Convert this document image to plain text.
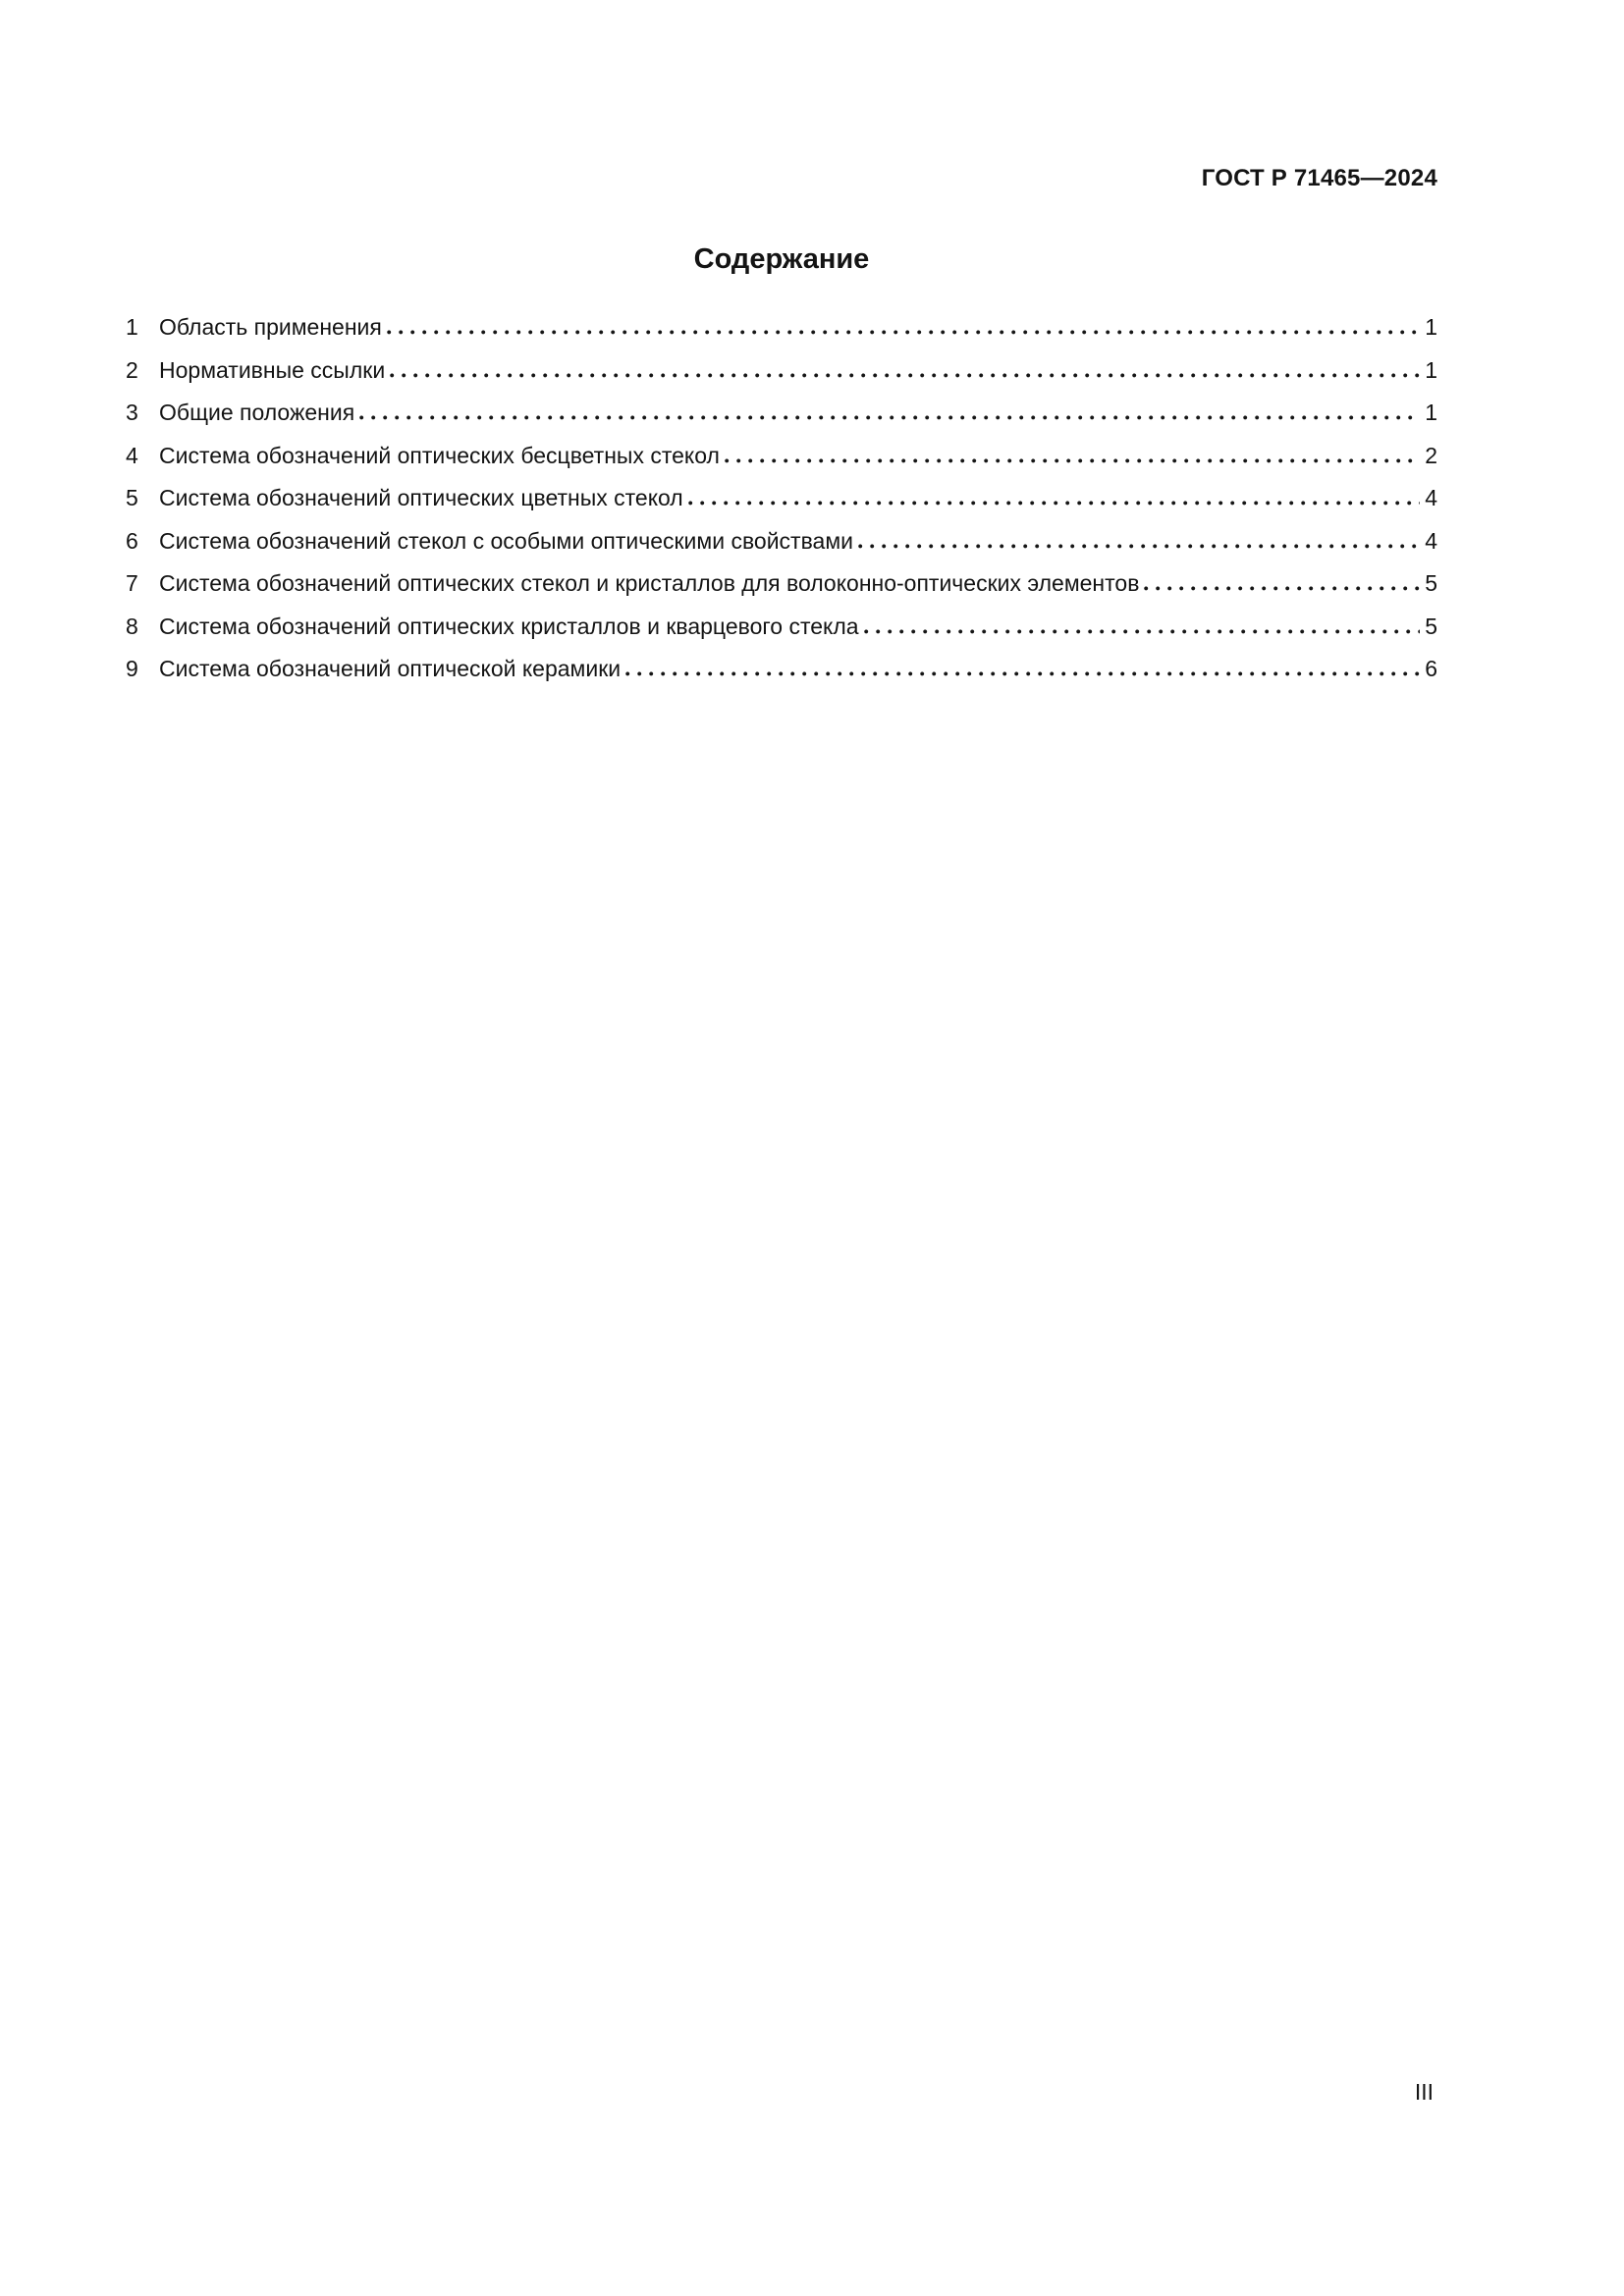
ГОСТ Р 71465—2024
Содержание
1 Область применения	1
2 Нормативные ссылки	1
3 Общие положения	1
4 Система обозначений оптических бесцветных стекол	2
5 Система обозначений оптических цветных стекол	4
6 Система обозначений стекол с особыми оптическими свойствами	4
7 Система обозначений оптических стекол и кристаллов для волоконно-оптических элементов	5
8 Система обозначений оптических кристаллов и кварцевого стекла	5
9 Система обозначений оптической керамики	6
III
